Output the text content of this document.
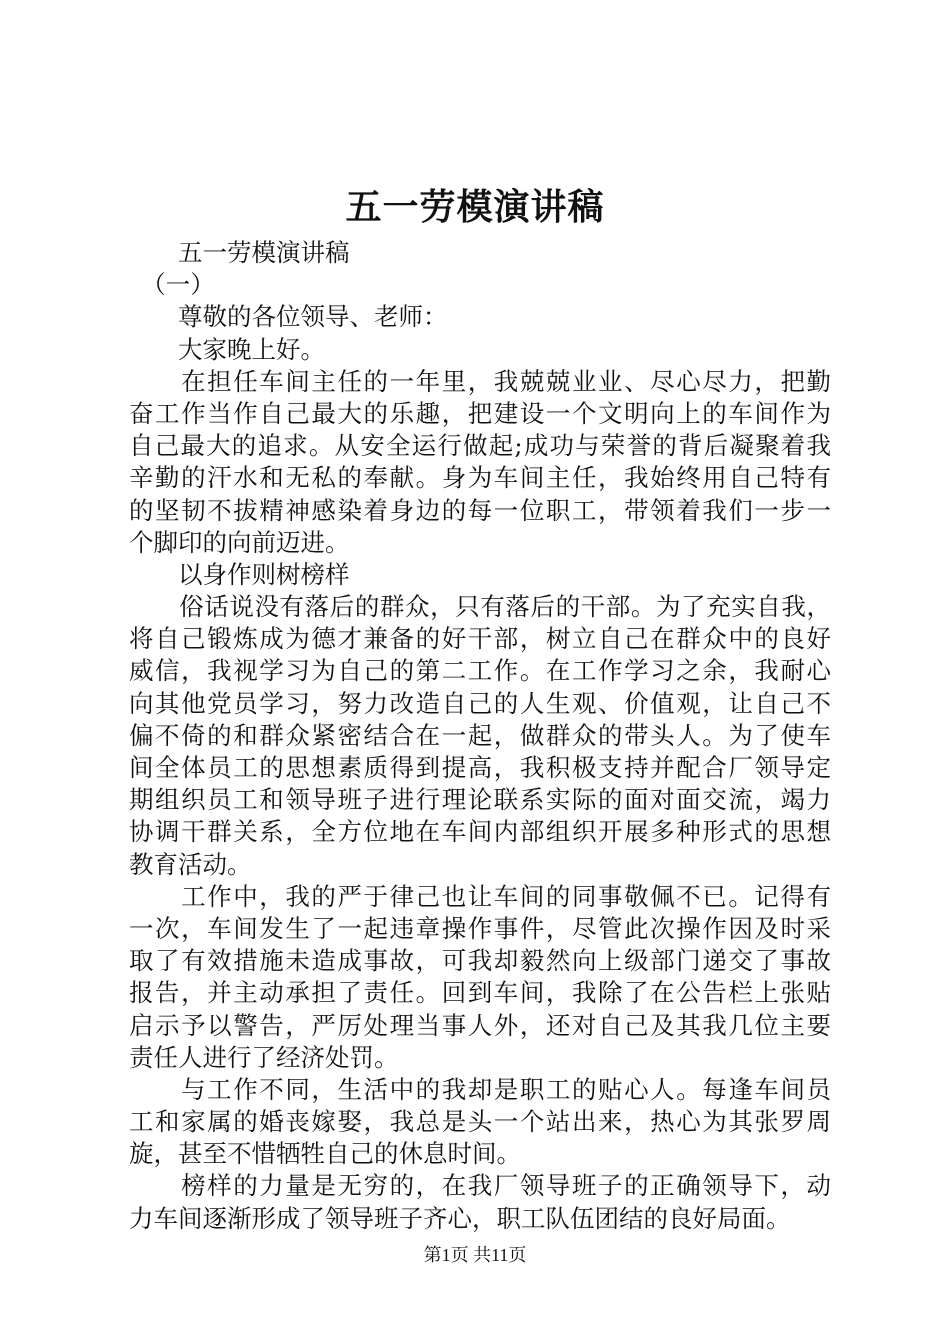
五一劳模演讲稿
　　五一劳模演讲稿
　（一）
　　尊敬的各位领导、老师：
　　大家晚上好。
　　在担任车间主任的一年里，我兢兢业业、尽心尽力，把勤
奋工作当作自己最大的乐趣，把建设一个文明向上的车间作为
自己最大的追求。从安全运行做起;成功与荣誉的背后凝聚着我
辛勤的汗水和无私的奉献。身为车间主任，我始终用自己特有
的坚韧不拔精神感染着身边的每一位职工，带领着我们一步一
个脚印的向前迈进。
　　以身作则树榜样
　　俗话说没有落后的群众，只有落后的干部。为了充实自我，
将自己锻炼成为德才兼备的好干部，树立自己在群众中的良好
威信，我视学习为自己的第二工作。在工作学习之余，我耐心
向其他党员学习，努力改造自己的人生观、价值观，让自己不
偏不倚的和群众紧密结合在一起，做群众的带头人。为了使车
间全体员工的思想素质得到提高，我积极支持并配合厂领导定
期组织员工和领导班子进行理论联系实际的面对面交流，竭力
协调干群关系，全方位地在车间内部组织开展多种形式的思想
教育活动。
　　工作中，我的严于律己也让车间的同事敬佩不已。记得有
一次，车间发生了一起违章操作事件，尽管此次操作因及时采
取了有效措施未造成事故，可我却毅然向上级部门递交了事故
报告，并主动承担了责任。回到车间，我除了在公告栏上张贴
启示予以警告，严厉处理当事人外，还对自己及其我几位主要
责任人进行了经济处罚。
　　与工作不同，生活中的我却是职工的贴心人。每逢车间员
工和家属的婚丧嫁娶，我总是头一个站出来，热心为其张罗周
旋，甚至不惜牺牲自己的休息时间。
　　榜样的力量是无穷的，在我厂领导班子的正确领导下，动
力车间逐渐形成了领导班子齐心，职工队伍团结的良好局面。
第1页 共11页
